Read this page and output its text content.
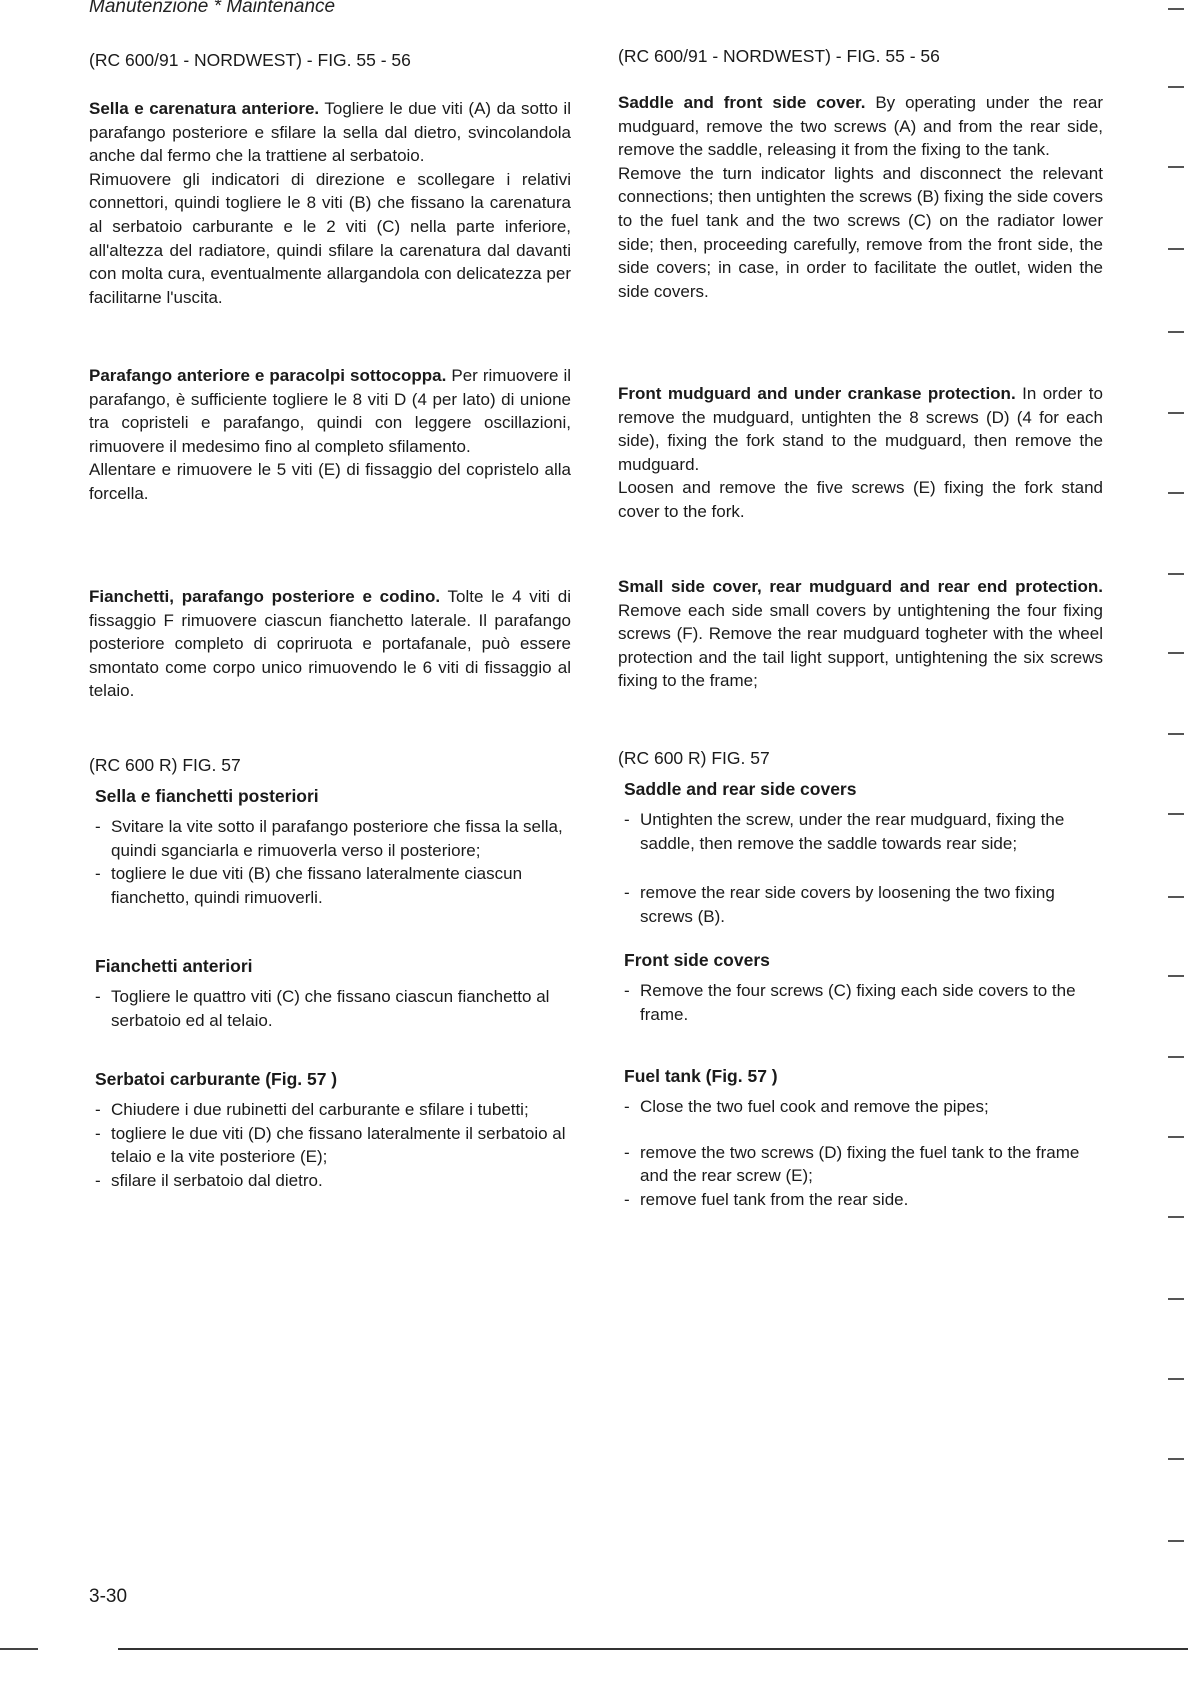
Manutenzione * Maintenance
(RC 600/91 - NORDWEST) - FIG. 55 - 56

Sella e carenatura anteriore. Togliere le due viti (A) da sotto il parafango posteriore e sfilare la sella dal dietro, svincolandola anche dal fermo che la trattiene al serbatoio.

Rimuovere gli indicatori di direzione e scollegare i relativi connettori, quindi togliere le 8 viti (B) che fissano la carenatura al serbatoio carburante e le 2 viti (C) nella parte inferiore, all'altezza del radiatore, quindi sfilare la carenatura dal davanti con molta cura, eventualmente allargandola con delicatezza per facilitarne l'uscita.

Parafango anteriore e paracolpi sottocoppa. Per rimuovere il parafango, è sufficiente togliere le 8 viti D (4 per lato) di unione tra copristeli e parafango, quindi con leggere oscillazioni, rimuovere il medesimo fino al completo sfilamento.

Allentare e rimuovere le 5 viti (E) di fissaggio del copristelo alla forcella.

Fianchetti, parafango posteriore e codino. Tolte le 4 viti di fissaggio F rimuovere ciascun fianchetto laterale. Il parafango posteriore completo di copriruota e portafanale, può essere smontato come corpo unico rimuovendo le 6 viti di fissaggio al telaio.

(RC 600 R) FIG. 57
Sella e fianchetti posteriori
- Svitare la vite sotto il parafango posteriore che fissa la sella, quindi sganciarla e rimuoverla verso il posteriore;
- togliere le due viti (B) che fissano lateralmente ciascun fianchetto, quindi rimuoverli.
Fianchetti anteriori
- Togliere le quattro viti (C) che fissano ciascun fianchetto al serbatoio ed al telaio.
Serbatoi carburante (Fig. 57 )
- Chiudere i due rubinetti del carburante e sfilare i tubetti;
- togliere le due viti (D) che fissano lateralmente il serbatoio al telaio e la vite posteriore (E);
- sfilare il serbatoio dal dietro.
(RC 600/91 - NORDWEST) - FIG. 55 - 56

Saddle and front side cover. By operating under the rear mudguard, remove the two screws (A) and from the rear side, remove the saddle, releasing it from the fixing to the tank.

Remove the turn indicator lights and disconnect the relevant connections; then untighten the screws (B) fixing the side covers to the fuel tank and the two screws (C) on the radiator lower side; then, proceeding carefully, remove from the front side, the side covers; in case, in order to facilitate the outlet, widen the side covers.

Front mudguard and under crankase protection. In order to remove the mudguard, untighten the 8 screws (D) (4 for each side), fixing the fork stand to the mudguard, then remove the mudguard.

Loosen and remove the five screws (E) fixing the fork stand cover to the fork.

Small side cover, rear mudguard and rear end protection. Remove each side small covers by untightening the four fixing screws (F). Remove the rear mudguard togheter with the wheel protection and the tail light support, untightening the six screws fixing to the frame;

(RC 600 R) FIG. 57
Saddle and rear side covers
- Untighten the screw, under the rear mudguard, fixing the saddle, then remove the saddle towards rear side;
- remove the rear side covers by loosening the two fixing screws (B).
Front side covers
- Remove the four screws (C) fixing each side covers to the frame.
Fuel tank (Fig. 57 )
- Close the two fuel cook and remove the pipes;
- remove the two screws (D) fixing the fuel tank to the frame and the rear screw (E);
- remove fuel tank from the rear side.
3-30
